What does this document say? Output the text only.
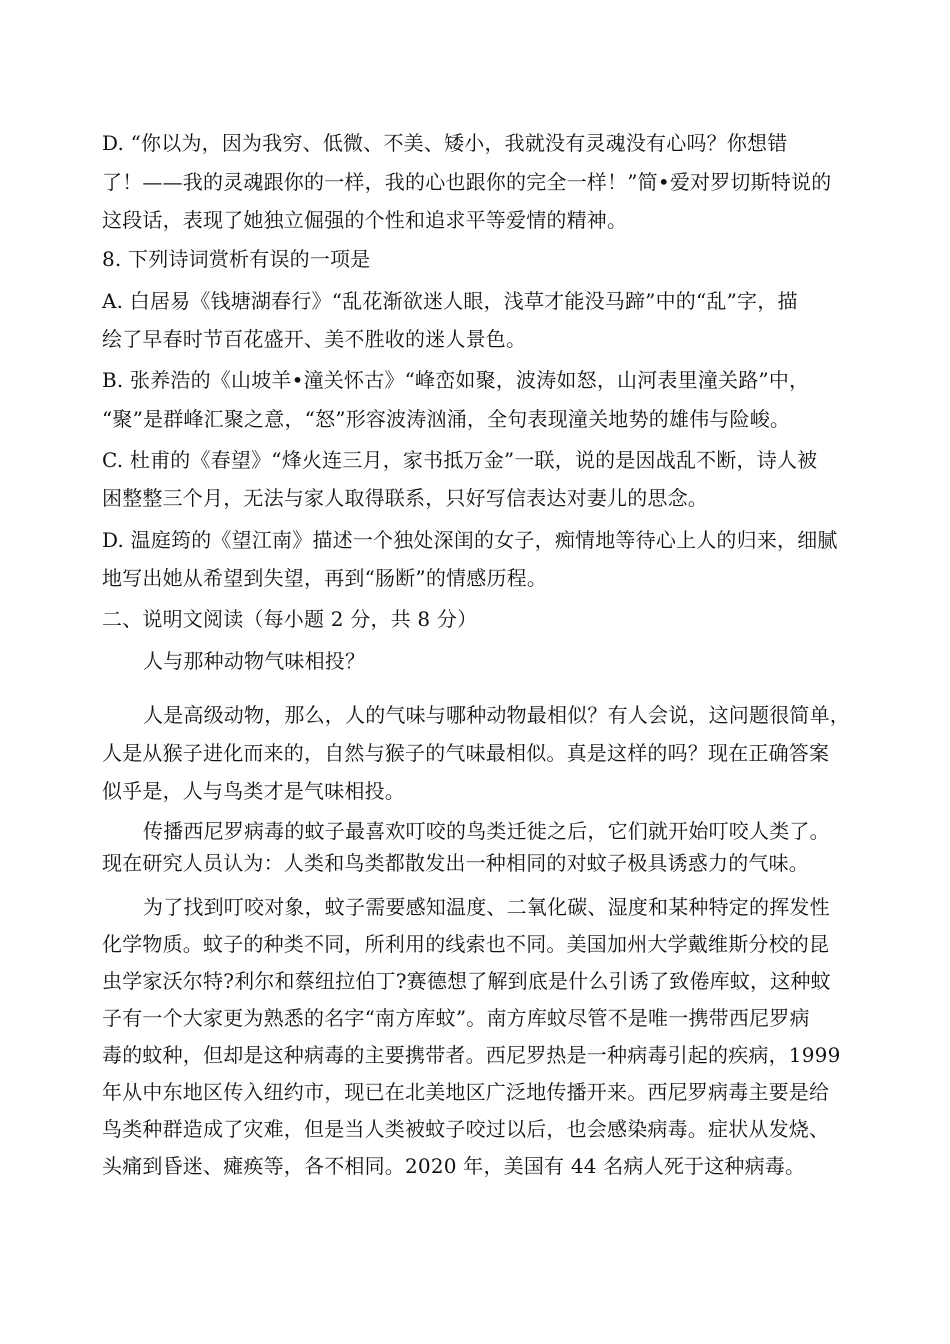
D. “你以为，因为我穷、低微、不美、矮小，我就没有灵魂没有心吗？你想错
了！——我的灵魂跟你的一样，我的心也跟你的完全一样！”简•爱对罗切斯特说的
这段话，表现了她独立倔强的个性和追求平等爱情的精神。
8. 下列诗词赏析有误的一项是
A. 白居易《钱塘湖春行》“乱花渐欲迷人眼，浅草才能没马蹄”中的“乱”字，描
绘了早春时节百花盛开、美不胜收的迷人景色。
B. 张养浩的《山坡羊•潼关怀古》“峰峦如聚，波涛如怒，山河表里潼关路”中，
“聚”是群峰汇聚之意，“怒”形容波涛汹涌，全句表现潼关地势的雄伟与险峻。
C. 杜甫的《春望》“烽火连三月，家书抵万金”一联，说的是因战乱不断，诗人被
困整整三个月，无法与家人取得联系，只好写信表达对妻儿的思念。
D. 温庭筠的《望江南》描述一个独处深闺的女子，痴情地等待心上人的归来，细腻
地写出她从希望到失望，再到“肠断”的情感历程。
二、说明文阅读（每小题 2 分，共 8 分）
人与那种动物气味相投？
人是高级动物，那么，人的气味与哪种动物最相似？有人会说，这问题很简单，
人是从猴子进化而来的，自然与猴子的气味最相似。真是这样的吗？现在正确答案
似乎是，人与鸟类才是气味相投。
传播西尼罗病毒的蚊子最喜欢叮咬的鸟类迁徙之后，它们就开始叮咬人类了。
现在研究人员认为：人类和鸟类都散发出一种相同的对蚊子极具诱惑力的气味。
为了找到叮咬对象，蚊子需要感知温度、二氧化碳、湿度和某种特定的挥发性
化学物质。蚊子的种类不同，所利用的线索也不同。美国加州大学戴维斯分校的昆
虫学家沃尔特?利尔和蔡纽拉伯丁?赛德想了解到底是什么引诱了致倦库蚊，这种蚊
子有一个大家更为熟悉的名字“南方库蚊”。南方库蚊尽管不是唯一携带西尼罗病
毒的蚊种，但却是这种病毒的主要携带者。西尼罗热是一种病毒引起的疾病，1999
年从中东地区传入纽约市，现已在北美地区广泛地传播开来。西尼罗病毒主要是给
鸟类种群造成了灾难，但是当人类被蚊子咬过以后，也会感染病毒。症状从发烧、
头痛到昏迷、瘫痪等，各不相同。2020 年，美国有 44 名病人死于这种病毒。
